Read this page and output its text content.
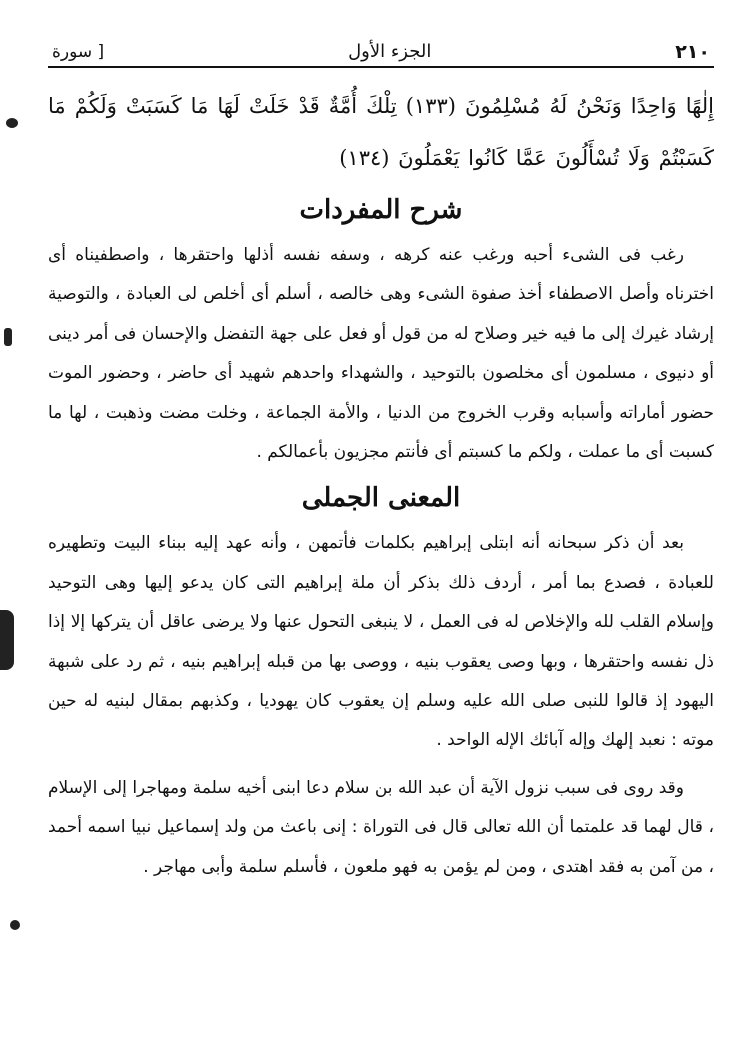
٢١٠
الجزء الأول
[ سورة
إِلٰهًا وَاحِدًا وَنَحْنُ لَهُ مُسْلِمُونَ (١٣٣) تِلْكَ أُمَّةٌ قَدْ خَلَتْ لَهَا مَا كَسَبَتْ وَلَكُمْ مَا كَسَبْتُمْ وَلَا تُسْأَلُونَ عَمَّا كَانُوا يَعْمَلُونَ (١٣٤)
شرح المفردات

رغب فى الشىء أحبه ورغب عنه كرهه ، وسفه نفسه أذلها واحتقرها ، واصطفيناه أى اخترناه وأصل الاصطفاء أخذ صفوة الشىء وهى خالصه ، أسلم أى أخلص لى العبادة ، والتوصية إرشاد غيرك إلى ما فيه خير وصلاح له من قول أو فعل على جهة التفضل والإحسان فى أمر دينى أو دنيوى ، مسلمون أى مخلصون بالتوحيد ، والشهداء واحدهم شهيد أى حاضر ، وحضور الموت حضور أماراته وأسبابه وقرب الخروج من الدنيا ، والأمة الجماعة ، وخلت مضت وذهبت ، لها ما كسبت أى ما عملت ، ولكم ما كسبتم أى فأنتم مجزيون بأعمالكم .

المعنى الجملى

بعد أن ذكر سبحانه أنه ابتلى إبراهيم بكلمات فأتمهن ، وأنه عهد إليه ببناء البيت وتطهيره للعبادة ، فصدع بما أمر ، أردف ذلك بذكر أن ملة إبراهيم التى كان يدعو إليها وهى التوحيد وإسلام القلب لله والإخلاص له فى العمل ، لا ينبغى التحول عنها ولا يرضى عاقل أن يتركها إلا إذا ذل نفسه واحتقرها ، وبها وصى يعقوب بنيه ، ووصى بها من قبله إبراهيم بنيه ، ثم رد على شبهة اليهود إذ قالوا للنبى صلى الله عليه وسلم إن يعقوب كان يهوديا ، وكذبهم بمقال لبنيه له حين موته : نعبد إلهك وإله آبائك الإله الواحد .

وقد روى فى سبب نزول الآية أن عبد الله بن سلام دعا ابنى أخيه سلمة ومهاجرا إلى الإسلام ، قال لهما قد علمتما أن الله تعالى قال فى التوراة : إنى باعث من ولد إسماعيل نبيا اسمه أحمد ، من آمن به فقد اهتدى ، ومن لم يؤمن به فهو ملعون ، فأسلم سلمة وأبى مهاجر .
